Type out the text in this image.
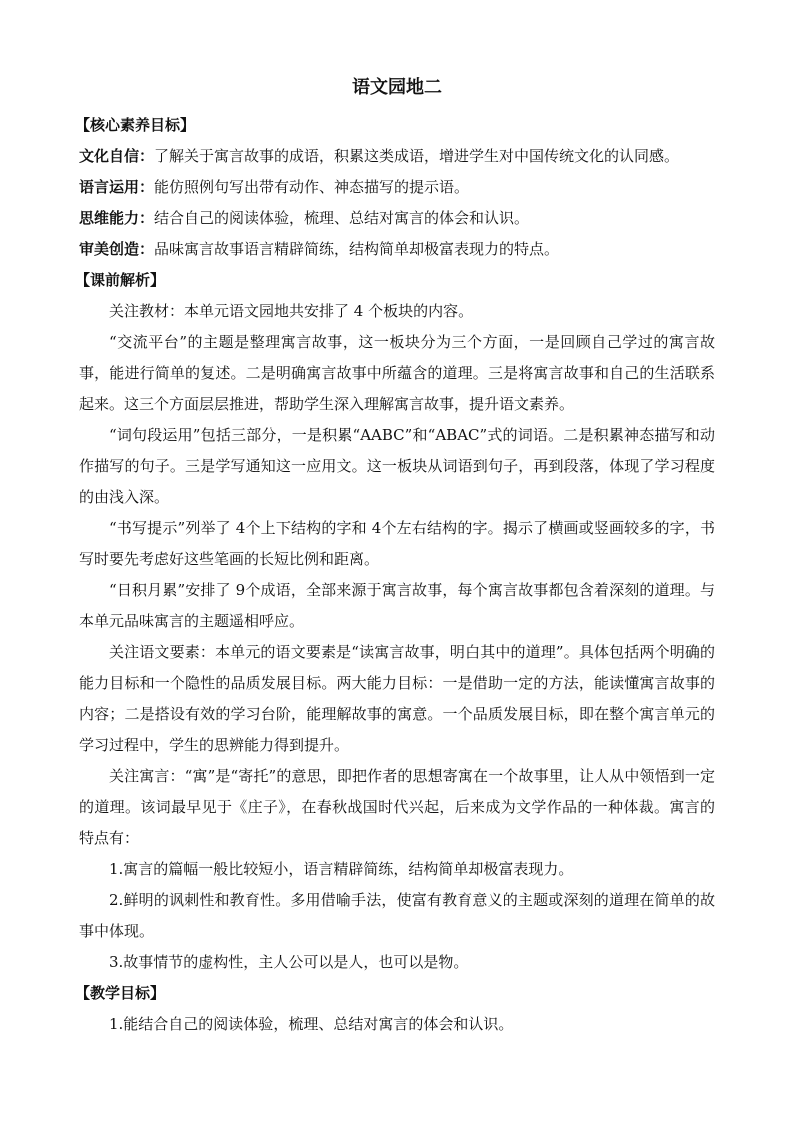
语文园地二
【核心素养目标】
文化自信：了解关于寓言故事的成语，积累这类成语，增进学生对中国传统文化的认同感。
语言运用：能仿照例句写出带有动作、神态描写的提示语。
思维能力：结合自己的阅读体验，梳理、总结对寓言的体会和认识。
审美创造：品味寓言故事语言精辟简练，结构简单却极富表现力的特点。
【课前解析】

关注教材：本单元语文园地共安排了 4 个板块的内容。

“交流平台”的主题是整理寓言故事，这一板块分为三个方面，一是回顾自己学过的寓言故事，能进行简单的复述。二是明确寓言故事中所蕴含的道理。三是将寓言故事和自己的生活联系起来。这三个方面层层推进，帮助学生深入理解寓言故事，提升语文素养。

“词句段运用”包括三部分，一是积累“AABC”和“ABAC”式的词语。二是积累神态描写和动作描写的句子。三是学写通知这一应用文。这一板块从词语到句子，再到段落，体现了学习程度的由浅入深。

“书写提示”列举了 4个上下结构的字和 4个左右结构的字。揭示了横画或竖画较多的字，书写时要先考虑好这些笔画的长短比例和距离。

“日积月累”安排了 9个成语，全部来源于寓言故事，每个寓言故事都包含着深刻的道理。与本单元品味寓言的主题遥相呼应。

关注语文要素：本单元的语文要素是“读寓言故事，明白其中的道理”。具体包括两个明确的能力目标和一个隐性的品质发展目标。两大能力目标：一是借助一定的方法，能读懂寓言故事的内容；二是搭设有效的学习台阶，能理解故事的寓意。一个品质发展目标，即在整个寓言单元的学习过程中，学生的思辨能力得到提升。

关注寓言：“寓”是“寄托”的意思，即把作者的思想寄寓在一个故事里，让人从中领悟到一定的道理。该词最早见于《庄子》，在春秋战国时代兴起，后来成为文学作品的一种体裁。寓言的特点有：

1.寓言的篇幅一般比较短小，语言精辟简练，结构简单却极富表现力。

2.鲜明的讽刺性和教育性。多用借喻手法，使富有教育意义的主题或深刻的道理在简单的故事中体现。

3.故事情节的虚构性，主人公可以是人，也可以是物。

【教学目标】

1.能结合自己的阅读体验，梳理、总结对寓言的体会和认识。
